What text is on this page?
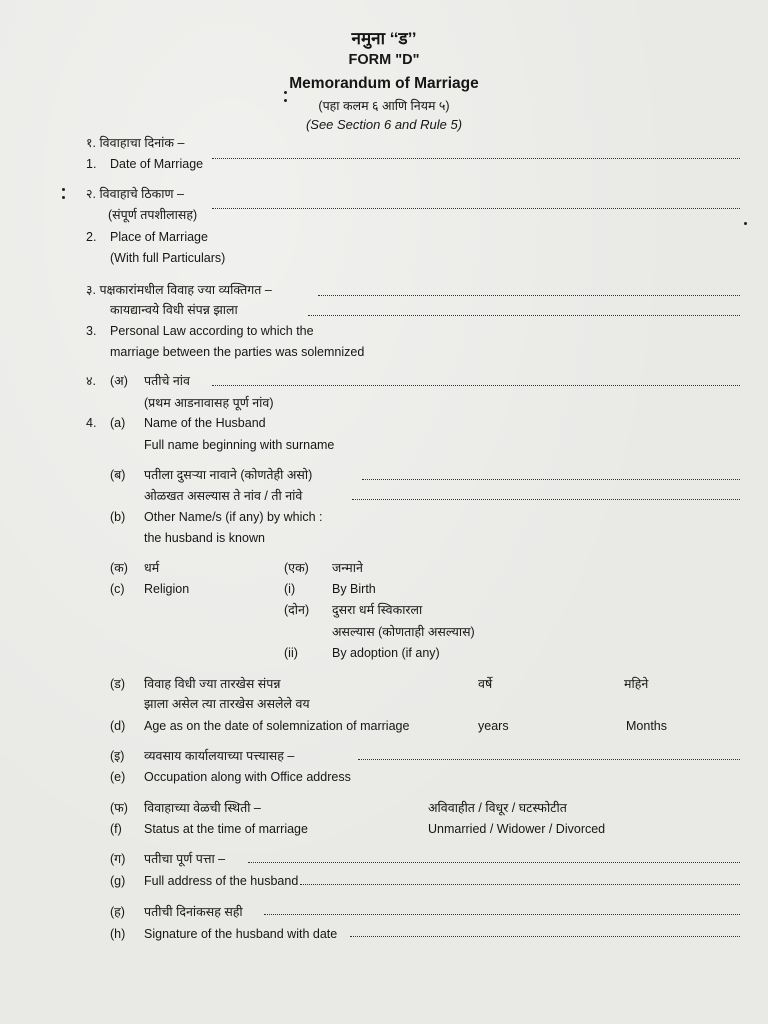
नमुना ‘‘ड’’
FORM "D"
Memorandum of Marriage
(पहा कलम ६ आणि नियम ५)
(See Section 6 and Rule 5)
१. विवाहाचा दिनांक –
1. Date of Marriage
२. विवाहाचे ठिकाण –
(संपूर्ण तपशीलासह)
2. Place of Marriage
(With full Particulars)
३. पक्षकारांमधील विवाह ज्या व्यक्तिगत –
कायद्यान्वये विधी संपन्न झाला
3. Personal Law according to which the
marriage between the parties was solemnized
४. (अ) पतीचे नांव
(प्रथम आडनावासह पूर्ण नांव)
4. (a) Name of the Husband
Full name beginning with surname
(ब) पतीला दुसऱ्या नावाने (कोणतेही असो)
ओळखत असल्यास ते नांव / ती नांवे
(b) Other Name/s (if any) by which :
the husband is known
(क) धर्म	(एक) जन्माने
(c) Religion	(i)	By Birth
(दोन) दुसरा धर्म स्विकारला
असल्यास (कोणताही असल्यास)
(ii)	By adoption (if any)
(ड) विवाह विधी ज्या तारखेस संपन्न	वर्षे	महिने
झाला असेल त्या तारखेस असलेले वय
(d) Age as on the date of solemnization of marriage	years	Months
(इ) व्यवसाय कार्यालयाच्या पत्त्यासह –
(e) Occupation along with Office address
(फ) विवाहाच्या वेळची स्थिती –	अविवाहीत / विधूर / घटस्फोटीत
(f) Status at the time of marriage	Unmarried / Widower / Divorced
(ग) पतीचा पूर्ण पत्ता –
(g) Full address of the husband
(ह) पतीची दिनांकसह सही
(h) Signature of the husband with date
